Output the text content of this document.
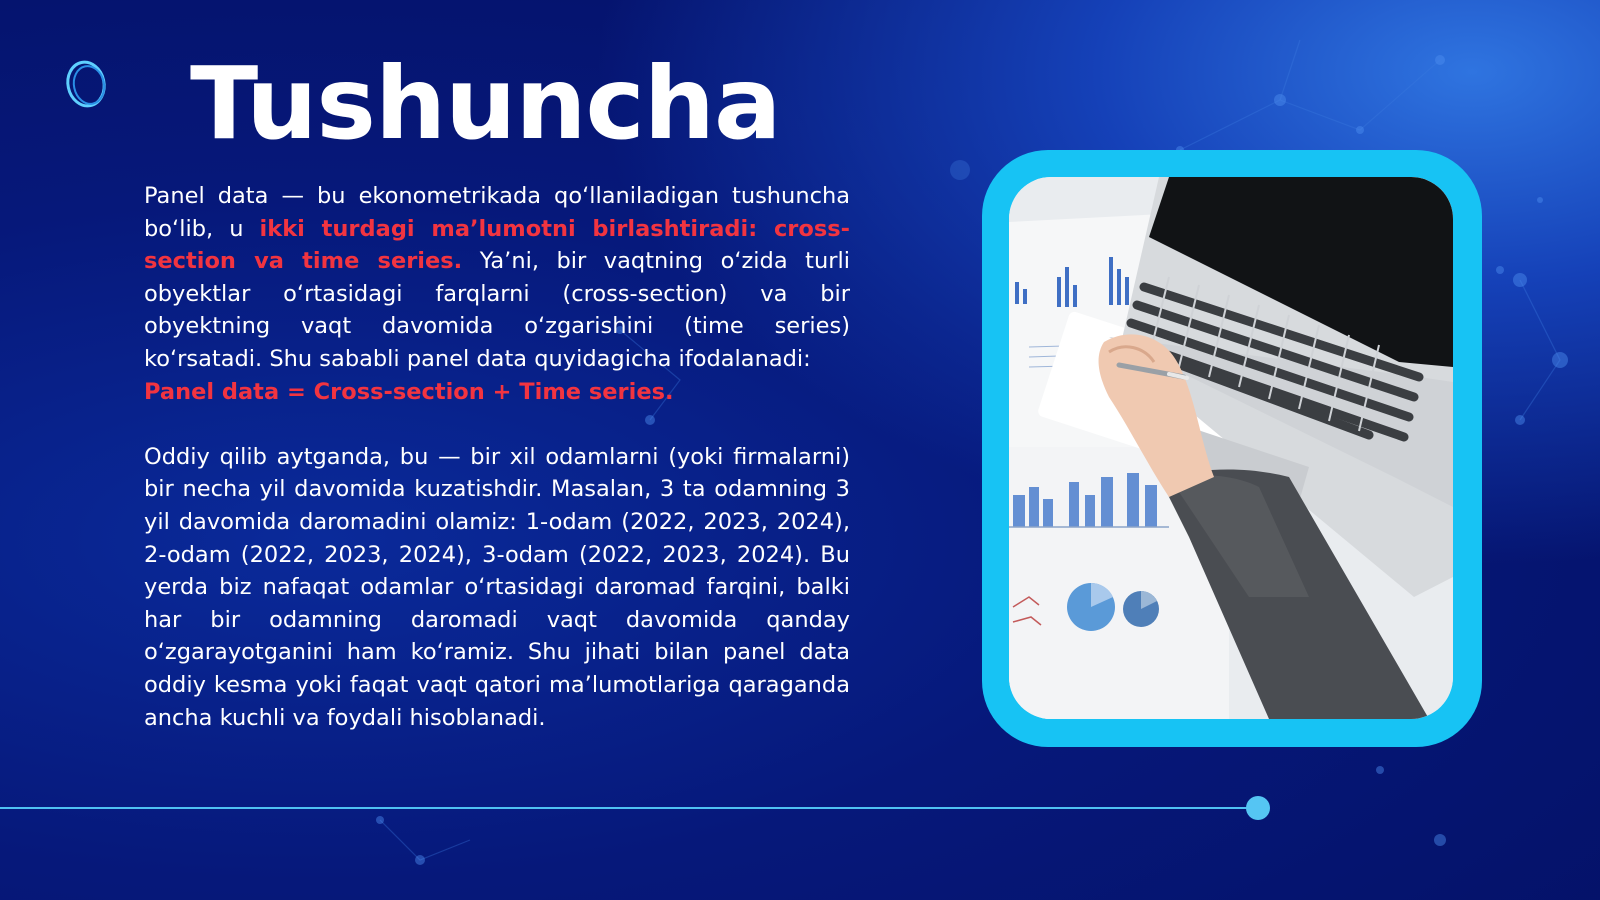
Tushuncha

Panel data — bu ekonometrikada qo‘llaniladigan tushuncha bo‘lib, u ikki turdagi ma’lumotni birlashtiradi: cross-section va time series. Ya’ni, bir vaqtning o‘zida turli obyektlar o‘rtasidagi farqlarni (cross-section) va bir obyektning vaqt davomida o‘zgarishini (time series) ko‘rsatadi. Shu sababli panel data quyidagicha ifodalanadi:

Panel data = Cross-section + Time series.

Oddiy qilib aytganda, bu — bir xil odamlarni (yoki firmalarni) bir necha yil davomida kuzatishdir. Masalan, 3 ta odamning 3 yil davomida daromadini olamiz: 1-odam (2022, 2023, 2024), 2-odam (2022, 2023, 2024), 3-odam (2022, 2023, 2024). Bu yerda biz nafaqat odamlar o‘rtasidagi daromad farqini, balki har bir odamning daromadi vaqt davomida qanday o‘zgarayotganini ham ko‘ramiz. Shu jihati bilan panel data oddiy kesma yoki faqat vaqt qatori ma’lumotlariga qaraganda ancha kuchli va foydali hisoblanadi.
